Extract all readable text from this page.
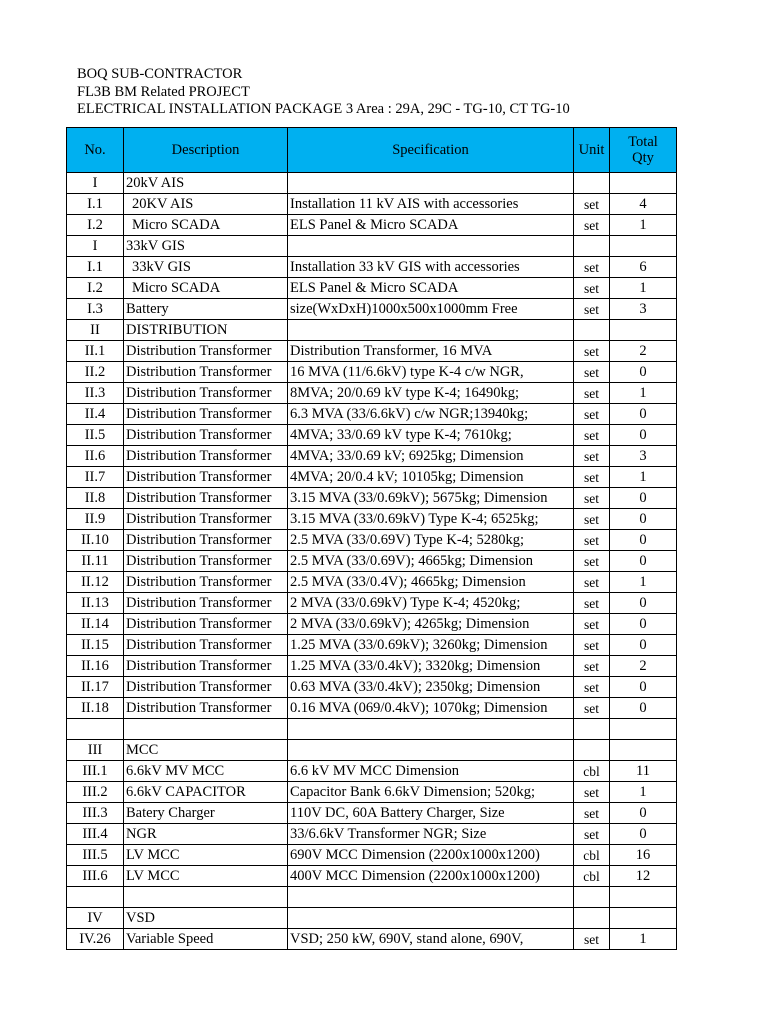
BOQ SUB-CONTRACTOR
FL3B BM Related PROJECT
ELECTRICAL INSTALLATION PACKAGE 3 Area : 29A, 29C - TG-10, CT TG-10
No.	Description	Specification	Unit	Total Qty
I	20kV AIS			
I.1	20KV AIS	Installation 11 kV AIS with accessories	set	4
I.2	Micro SCADA	ELS Panel & Micro SCADA	set	1
I	33kV GIS			
I.1	33kV GIS	Installation 33 kV GIS with accessories	set	6
I.2	Micro SCADA	ELS Panel & Micro SCADA	set	1
I.3	Battery	size(WxDxH)1000x500x1000mm Free	set	3
II	DISTRIBUTION			
II.1	Distribution Transformer	Distribution Transformer, 16 MVA	set	2
II.2	Distribution Transformer	16 MVA (11/6.6kV) type K-4 c/w NGR,	set	0
II.3	Distribution Transformer	8MVA; 20/0.69 kV type K-4; 16490kg;	set	1
II.4	Distribution Transformer	6.3 MVA (33/6.6kV) c/w NGR;13940kg;	set	0
II.5	Distribution Transformer	4MVA; 33/0.69 kV type K-4; 7610kg;	set	0
II.6	Distribution Transformer	4MVA; 33/0.69 kV; 6925kg; Dimension	set	3
II.7	Distribution Transformer	4MVA; 20/0.4 kV; 10105kg; Dimension	set	1
II.8	Distribution Transformer	3.15 MVA (33/0.69kV); 5675kg; Dimension	set	0
II.9	Distribution Transformer	3.15 MVA (33/0.69kV) Type K-4; 6525kg;	set	0
II.10	Distribution Transformer	2.5 MVA (33/0.69V) Type K-4; 5280kg;	set	0
II.11	Distribution Transformer	2.5 MVA (33/0.69V); 4665kg; Dimension	set	0
II.12	Distribution Transformer	2.5 MVA (33/0.4V); 4665kg; Dimension	set	1
II.13	Distribution Transformer	2 MVA (33/0.69kV) Type K-4; 4520kg;	set	0
II.14	Distribution Transformer	2 MVA (33/0.69kV); 4265kg; Dimension	set	0
II.15	Distribution Transformer	1.25 MVA (33/0.69kV); 3260kg; Dimension	set	0
II.16	Distribution Transformer	1.25 MVA (33/0.4kV); 3320kg; Dimension	set	2
II.17	Distribution Transformer	0.63 MVA (33/0.4kV); 2350kg; Dimension	set	0
II.18	Distribution Transformer	0.16 MVA (069/0.4kV); 1070kg; Dimension	set	0

III	MCC			
III.1	6.6kV MV MCC	6.6 kV MV MCC Dimension	cbl	11
III.2	6.6kV CAPACITOR	Capacitor Bank 6.6kV Dimension; 520kg;	set	1
III.3	Batery Charger	110V DC, 60A Battery Charger, Size	set	0
III.4	NGR	33/6.6kV Transformer NGR; Size	set	0
III.5	LV MCC	690V MCC Dimension (2200x1000x1200)	cbl	16
III.6	LV MCC	400V MCC Dimension (2200x1000x1200)	cbl	12

IV	VSD			
IV.26	Variable Speed	VSD; 250 kW, 690V, stand alone, 690V,	set	1
